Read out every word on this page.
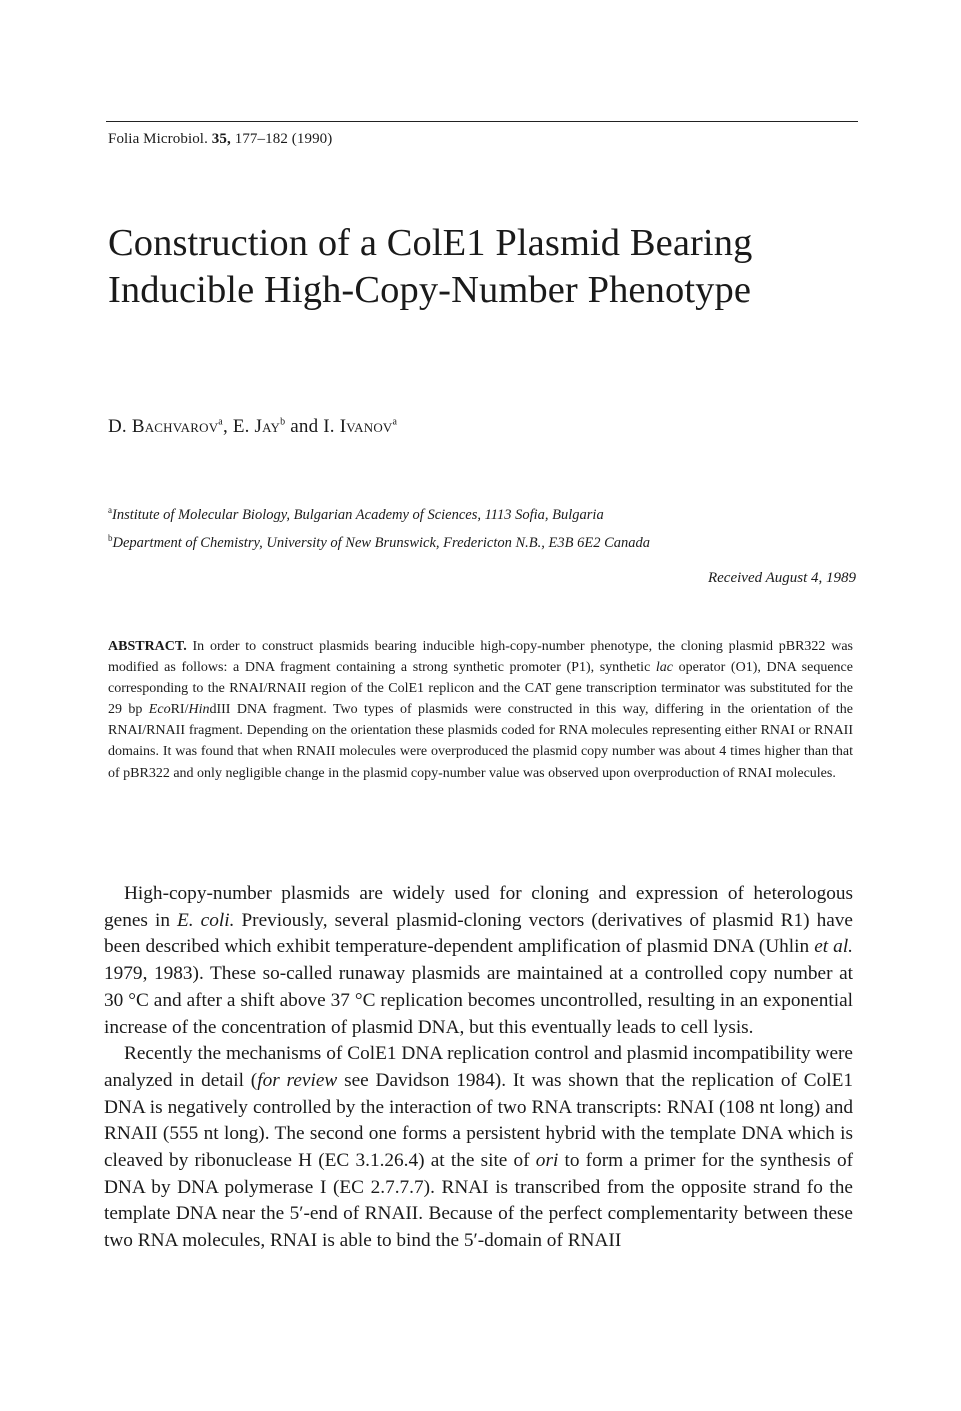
Folia Microbiol. 35, 177–182 (1990)
Construction of a ColE1 Plasmid Bearing
Inducible High-Copy-Number Phenotype
D. Bachvarov$^a$, E. Jay$^b$ and I. Ivanov$^a$
$^a$Institute of Molecular Biology, Bulgarian Academy of Sciences, 1113 Sofia, Bulgaria
$^b$Department of Chemistry, University of New Brunswick, Fredericton N.B., E3B 6E2 Canada
Received August 4, 1989

ABSTRACT. In order to construct plasmids bearing inducible high-copy-number phenotype, the cloning plasmid pBR322 was modified as follows: a DNA fragment containing a strong synthetic promoter (P1), synthetic lac operator (O1), DNA sequence corresponding to the RNAI/RNAII region of the ColE1 replicon and the CAT gene transcription terminator was substituted for the 29 bp EcoRI/HindIII DNA fragment. Two types of plasmids were constructed in this way, differing in the orientation of the RNAI/RNAII fragment. Depending on the orientation these plasmids coded for RNA molecules representing either RNAI or RNAII domains. It was found that when RNAII molecules were overproduced the plasmid copy number was about 4 times higher than that of pBR322 and only negligible change in the plasmid copy-number value was observed upon overproduction of RNAI molecules.

High-copy-number plasmids are widely used for cloning and expression of heterologous genes in E. coli. Previously, several plasmid-cloning vectors (derivatives of plasmid R1) have been described which exhibit temperature-dependent amplification of plasmid DNA (Uhlin et al. 1979, 1983). These so-called runaway plasmids are maintained at a controlled copy number at 30 °C and after a shift above 37 °C replication becomes uncontrolled, resulting in an exponential increase of the concentration of plasmid DNA, but this eventually leads to cell lysis.

Recently the mechanisms of ColE1 DNA replication control and plasmid incompatibility were analyzed in detail (for review see Davidson 1984). It was shown that the replication of ColE1 DNA is negatively controlled by the interaction of two RNA transcripts: RNAI (108 nt long) and RNAII (555 nt long). The second one forms a persistent hybrid with the template DNA which is cleaved by ribonuclease H (EC 3.1.26.4) at the site of ori to form a primer for the synthesis of DNA by DNA polymerase I (EC 2.7.7.7). RNAI is transcribed from the opposite strand fo the template DNA near the 5′-end of RNAII. Because of the perfect complementarity between these two RNA molecules, RNAI is able to bind the 5′-domain of RNAII
